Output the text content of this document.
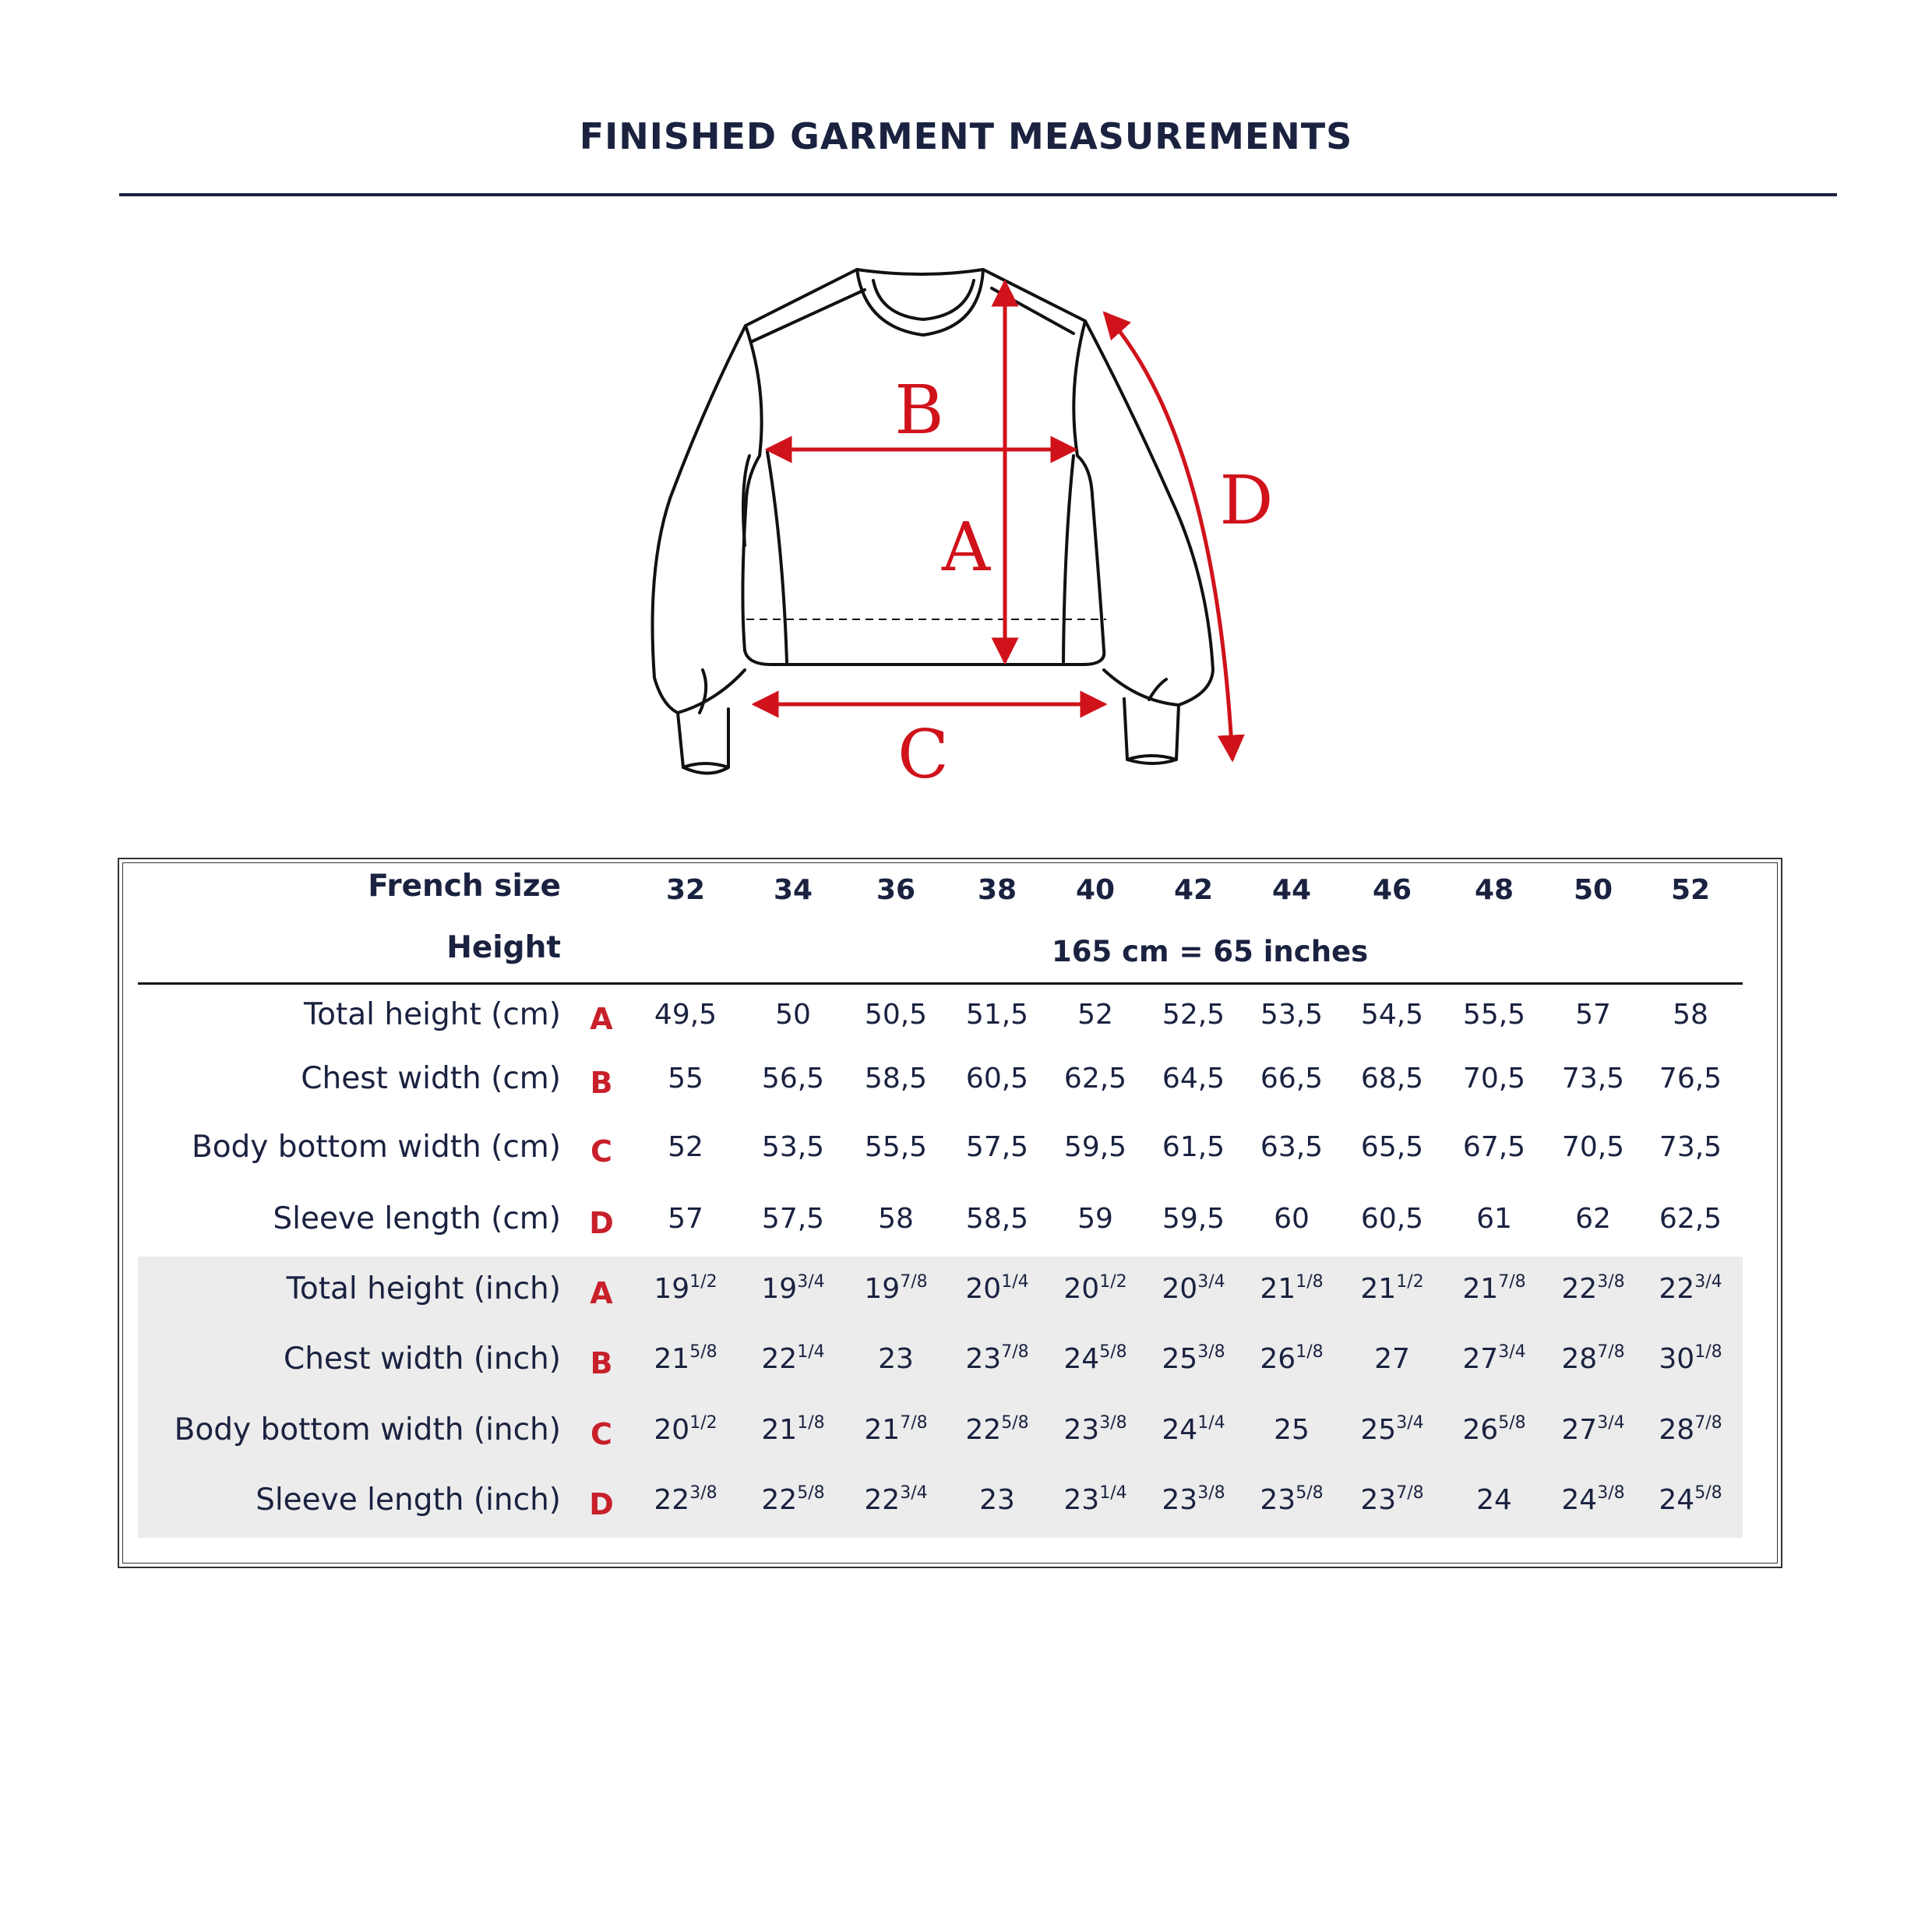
FINISHED GARMENT MEASUREMENTS
B
A
C
D
French size
Height	165 cm = 65 inches
32	34	36	38	40	42	44	46	48	50	52
Total height (cm) A	49,5	50	50,5	51,5	52	52,5	53,5	54,5	55,5	57	58
Chest width (cm) B	55	56,5	58,5	60,5	62,5	64,5	66,5	68,5	70,5	73,5	76,5
Body bottom width (cm)	C	52	53,5	55,5	57,5	59,5	61,5	63,5	65,5	67,5	70,5	73,5
Sleeve length (cm) D	57	57,5	58	58,5	59	59,5	60	60,5	61	62	62,5
Total height (inch) A	$19^{1/2}$	$19^{3/4}$	$19^{7/8}$	$20^{1/4}$	$20^{1/2}$	$20^{3/4}$	$21^{1/8}$	$21^{1/2}$	$21^{7/8}$	$22^{3/8}$	$22^{3/4}$
Chest width (inch) B	$21^{5/8}$	$22^{1/4}$	23	$23^{7/8}$	$24^{5/8}$	$25^{3/8}$	$26^{1/8}$	27	$27^{3/4}$	$28^{7/8}$	$30^{1/8}$
Body bottom width (inch)	C	$20^{1/2}$	$21^{1/8}$	$21^{7/8}$	$22^{5/8}$	$23^{3/8}$	$24^{1/4}$	25	$25^{3/4}$	$26^{5/8}$	$27^{3/4}$	$28^{7/8}$
Sleeve length (inch) D	$22^{3/8}$	$22^{5/8}$	$22^{3/4}$	23	$23^{1/4}$	$23^{3/8}$	$23^{5/8}$	$23^{7/8}$	24	$24^{3/8}$	$24^{5/8}$
